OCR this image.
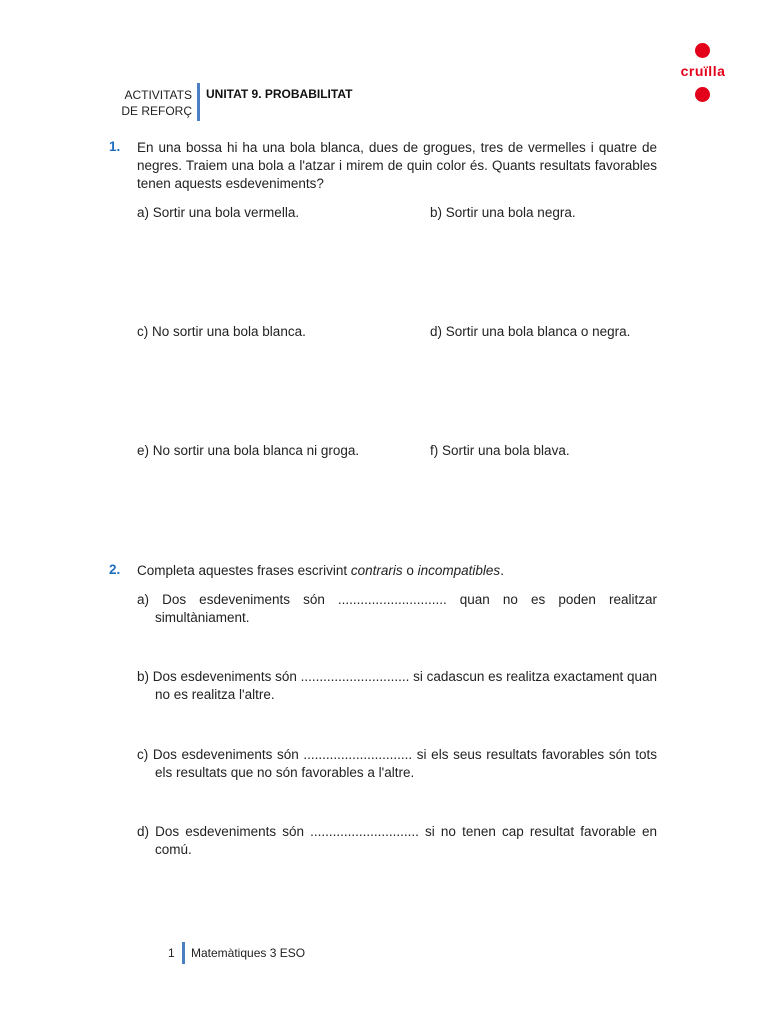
ACTIVITATS
DE REFORÇ
UNITAT 9. PROBABILITAT
cruïlla
1. En una bossa hi ha una bola blanca, dues de grogues, tres de vermelles i quatre de negres. Traiem una bola a l'atzar i mirem de quin color és. Quants resultats favorables tenen aquests esdeveniments?
a) Sortir una bola vermella.	b) Sortir una bola negra.
c) No sortir una bola blanca.	d) Sortir una bola blanca o negra.
e) No sortir una bola blanca ni groga.	f) Sortir una bola blava.
2. Completa aquestes frases escrivint contraris o incompatibles.
a) Dos esdeveniments són ............................. quan no es poden realitzar simultàniament.
b) Dos esdeveniments són ............................. si cadascun es realitza exactament quan no es realitza l'altre.
c) Dos esdeveniments són ............................. si els seus resultats favorables són tots els resultats que no són favorables a l'altre.
d) Dos esdeveniments són ............................. si no tenen cap resultat favorable en comú.
1 Matemàtiques 3 ESO
